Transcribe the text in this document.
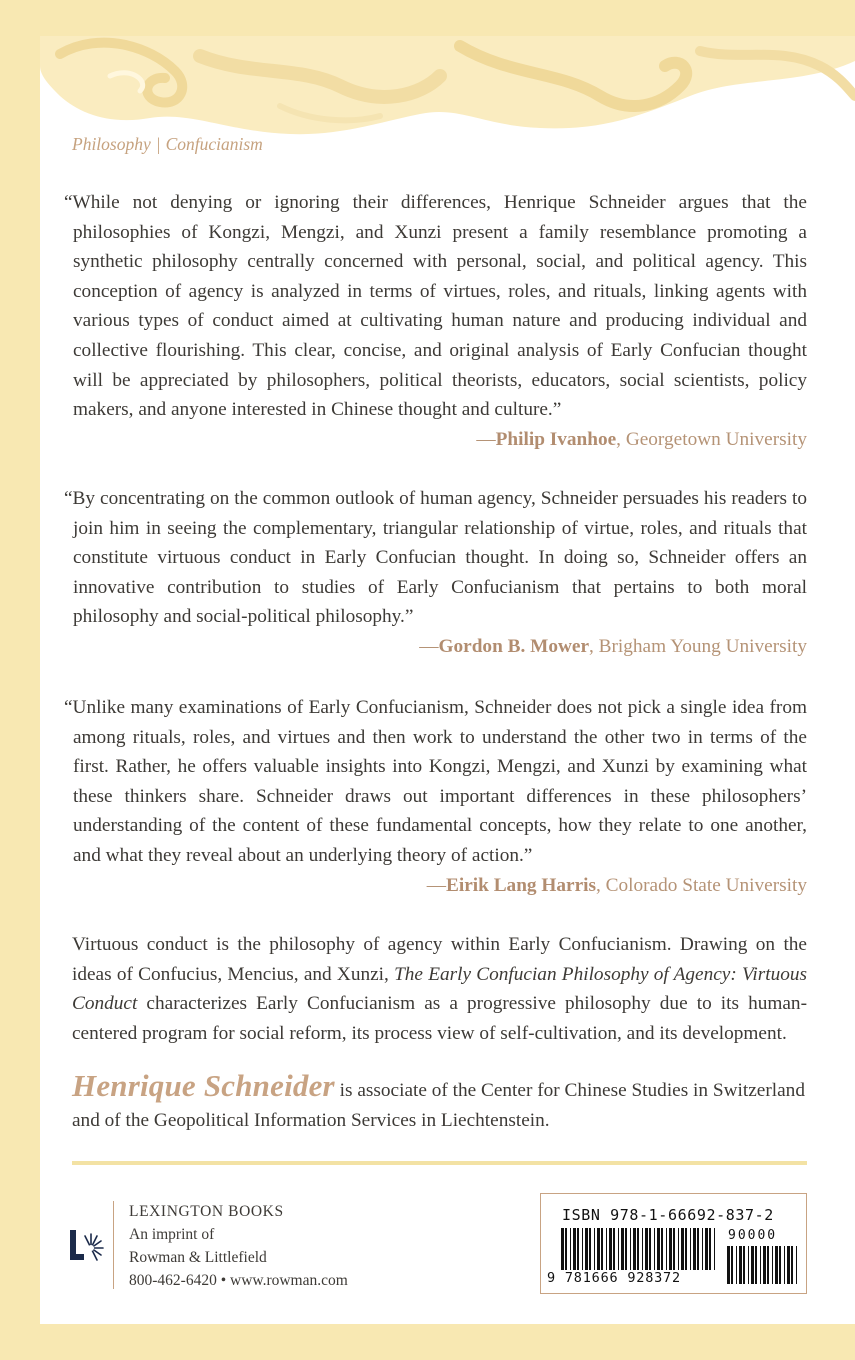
Philosophy | Confucianism

“While not denying or ignoring their differences, Henrique Schneider argues that the philosophies of Kongzi, Mengzi, and Xunzi present a family resemblance promoting a synthetic philosophy centrally concerned with personal, social, and political agency. This conception of agency is analyzed in terms of virtues, roles, and rituals, linking agents with various types of conduct aimed at cultivating human nature and producing individual and collective flourishing. This clear, concise, and original analysis of Early Confucian thought will be appreciated by philosophers, political theorists, educators, social scientists, policy makers, and anyone interested in Chinese thought and culture.”

—Philip Ivanhoe, Georgetown University

“By concentrating on the common outlook of human agency, Schneider persuades his readers to join him in seeing the complementary, triangular relationship of virtue, roles, and rituals that constitute virtuous conduct in Early Confucian thought. In doing so, Schneider offers an innovative contribution to studies of Early Confucianism that pertains to both moral philosophy and social-political philosophy.”

—Gordon B. Mower, Brigham Young University

“Unlike many examinations of Early Confucianism, Schneider does not pick a single idea from among rituals, roles, and virtues and then work to understand the other two in terms of the first. Rather, he offers valuable insights into Kongzi, Mengzi, and Xunzi by examining what these thinkers share. Schneider draws out important differences in these philosophers’ understanding of the content of these fundamental concepts, how they relate to one another, and what they reveal about an underlying theory of action.”

—Eirik Lang Harris, Colorado State University

Virtuous conduct is the philosophy of agency within Early Confucianism. Drawing on the ideas of Confucius, Mencius, and Xunzi, The Early Confucian Philosophy of Agency: Virtuous Conduct characterizes Early Confucianism as a progressive philosophy due to its human-centered program for social reform, its process view of self-cultivation, and its development.

Henrique Schneider is associate of the Center for Chinese Studies in Switzerland and of the Geopolitical Information Services in Liechtenstein.

LEXINGTON BOOKS
An imprint of
Rowman & Littlefield
800-462-6420 • www.rowman.com
ISBN 978-1-66692-837-2
90000
9 781666 928372
